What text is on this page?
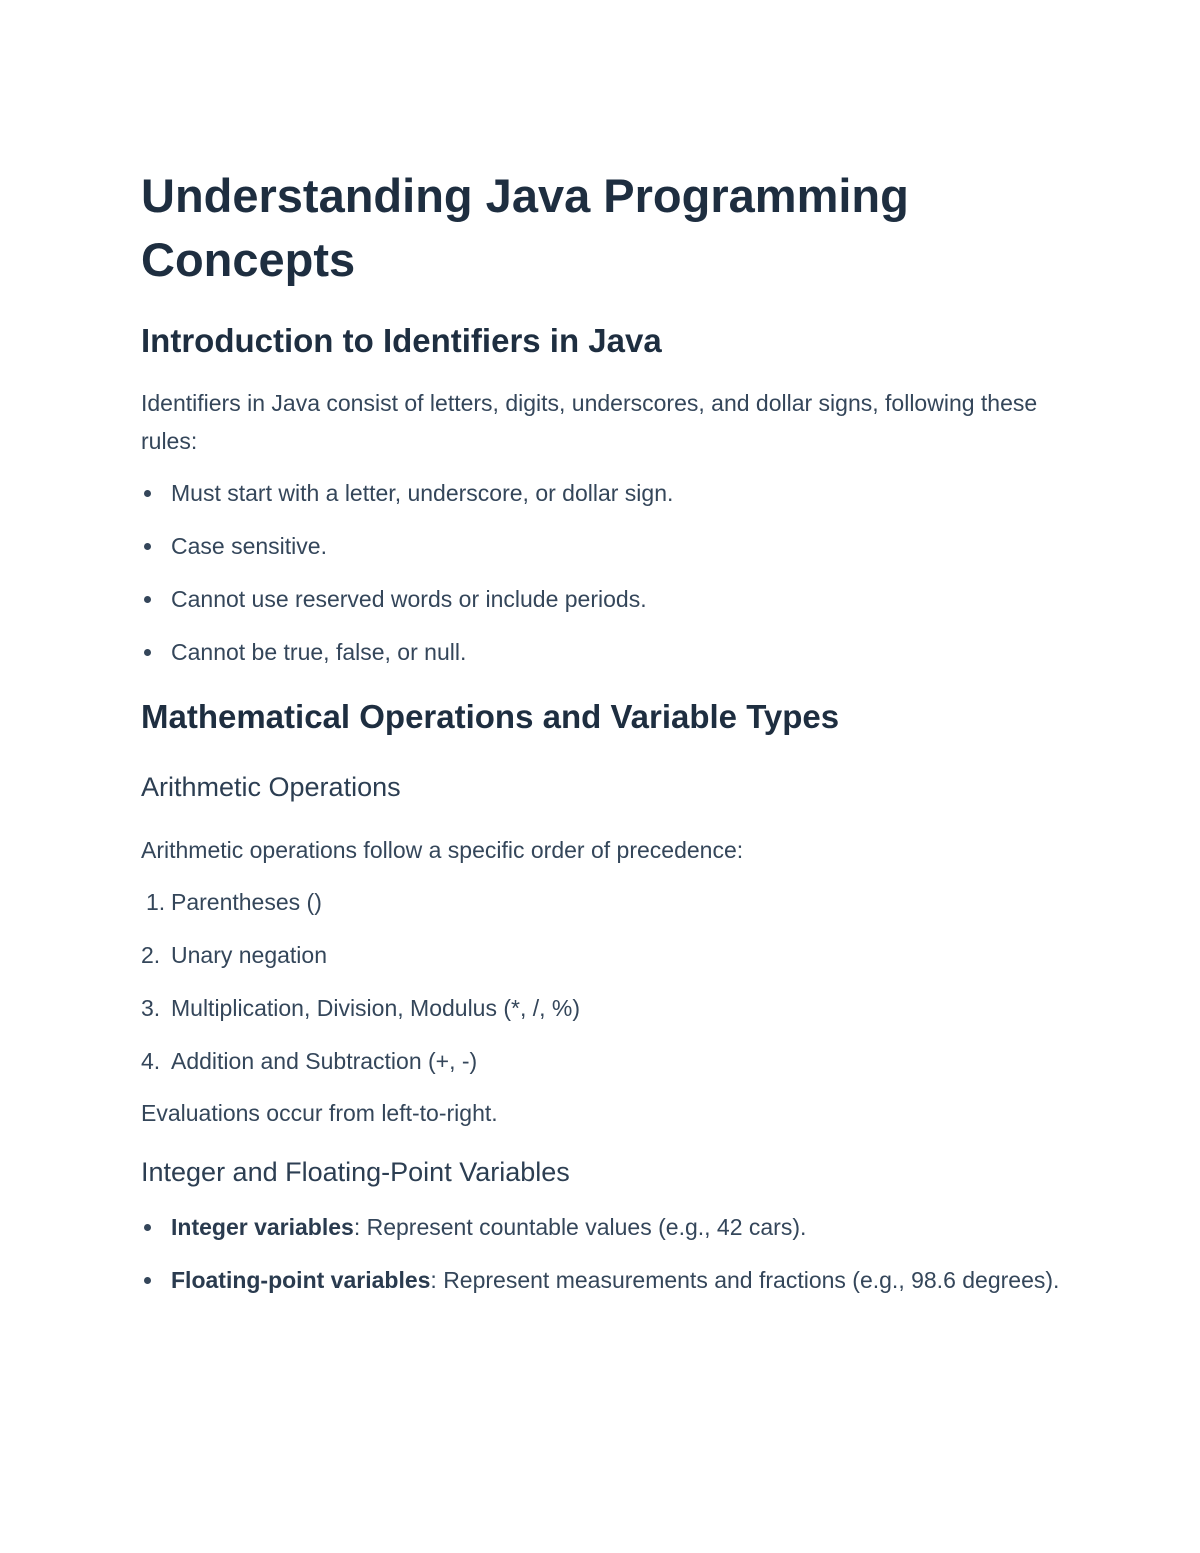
Understanding Java Programming Concepts
Introduction to Identifiers in Java

Identifiers in Java consist of letters, digits, underscores, and dollar signs, following these rules:

Must start with a letter, underscore, or dollar sign.
Case sensitive.
Cannot use reserved words or include periods.
Cannot be true, false, or null.
Mathematical Operations and Variable Types
Arithmetic Operations

Arithmetic operations follow a specific order of precedence:

1. Parentheses ()
2. Unary negation
3. Multiplication, Division, Modulus (*, /, %)
4. Addition and Subtraction (+, -)

Evaluations occur from left-to-right.

Integer and Floating-Point Variables
Integer variables: Represent countable values (e.g., 42 cars).
Floating-point variables: Represent measurements and fractions (e.g., 98.6 degrees).
